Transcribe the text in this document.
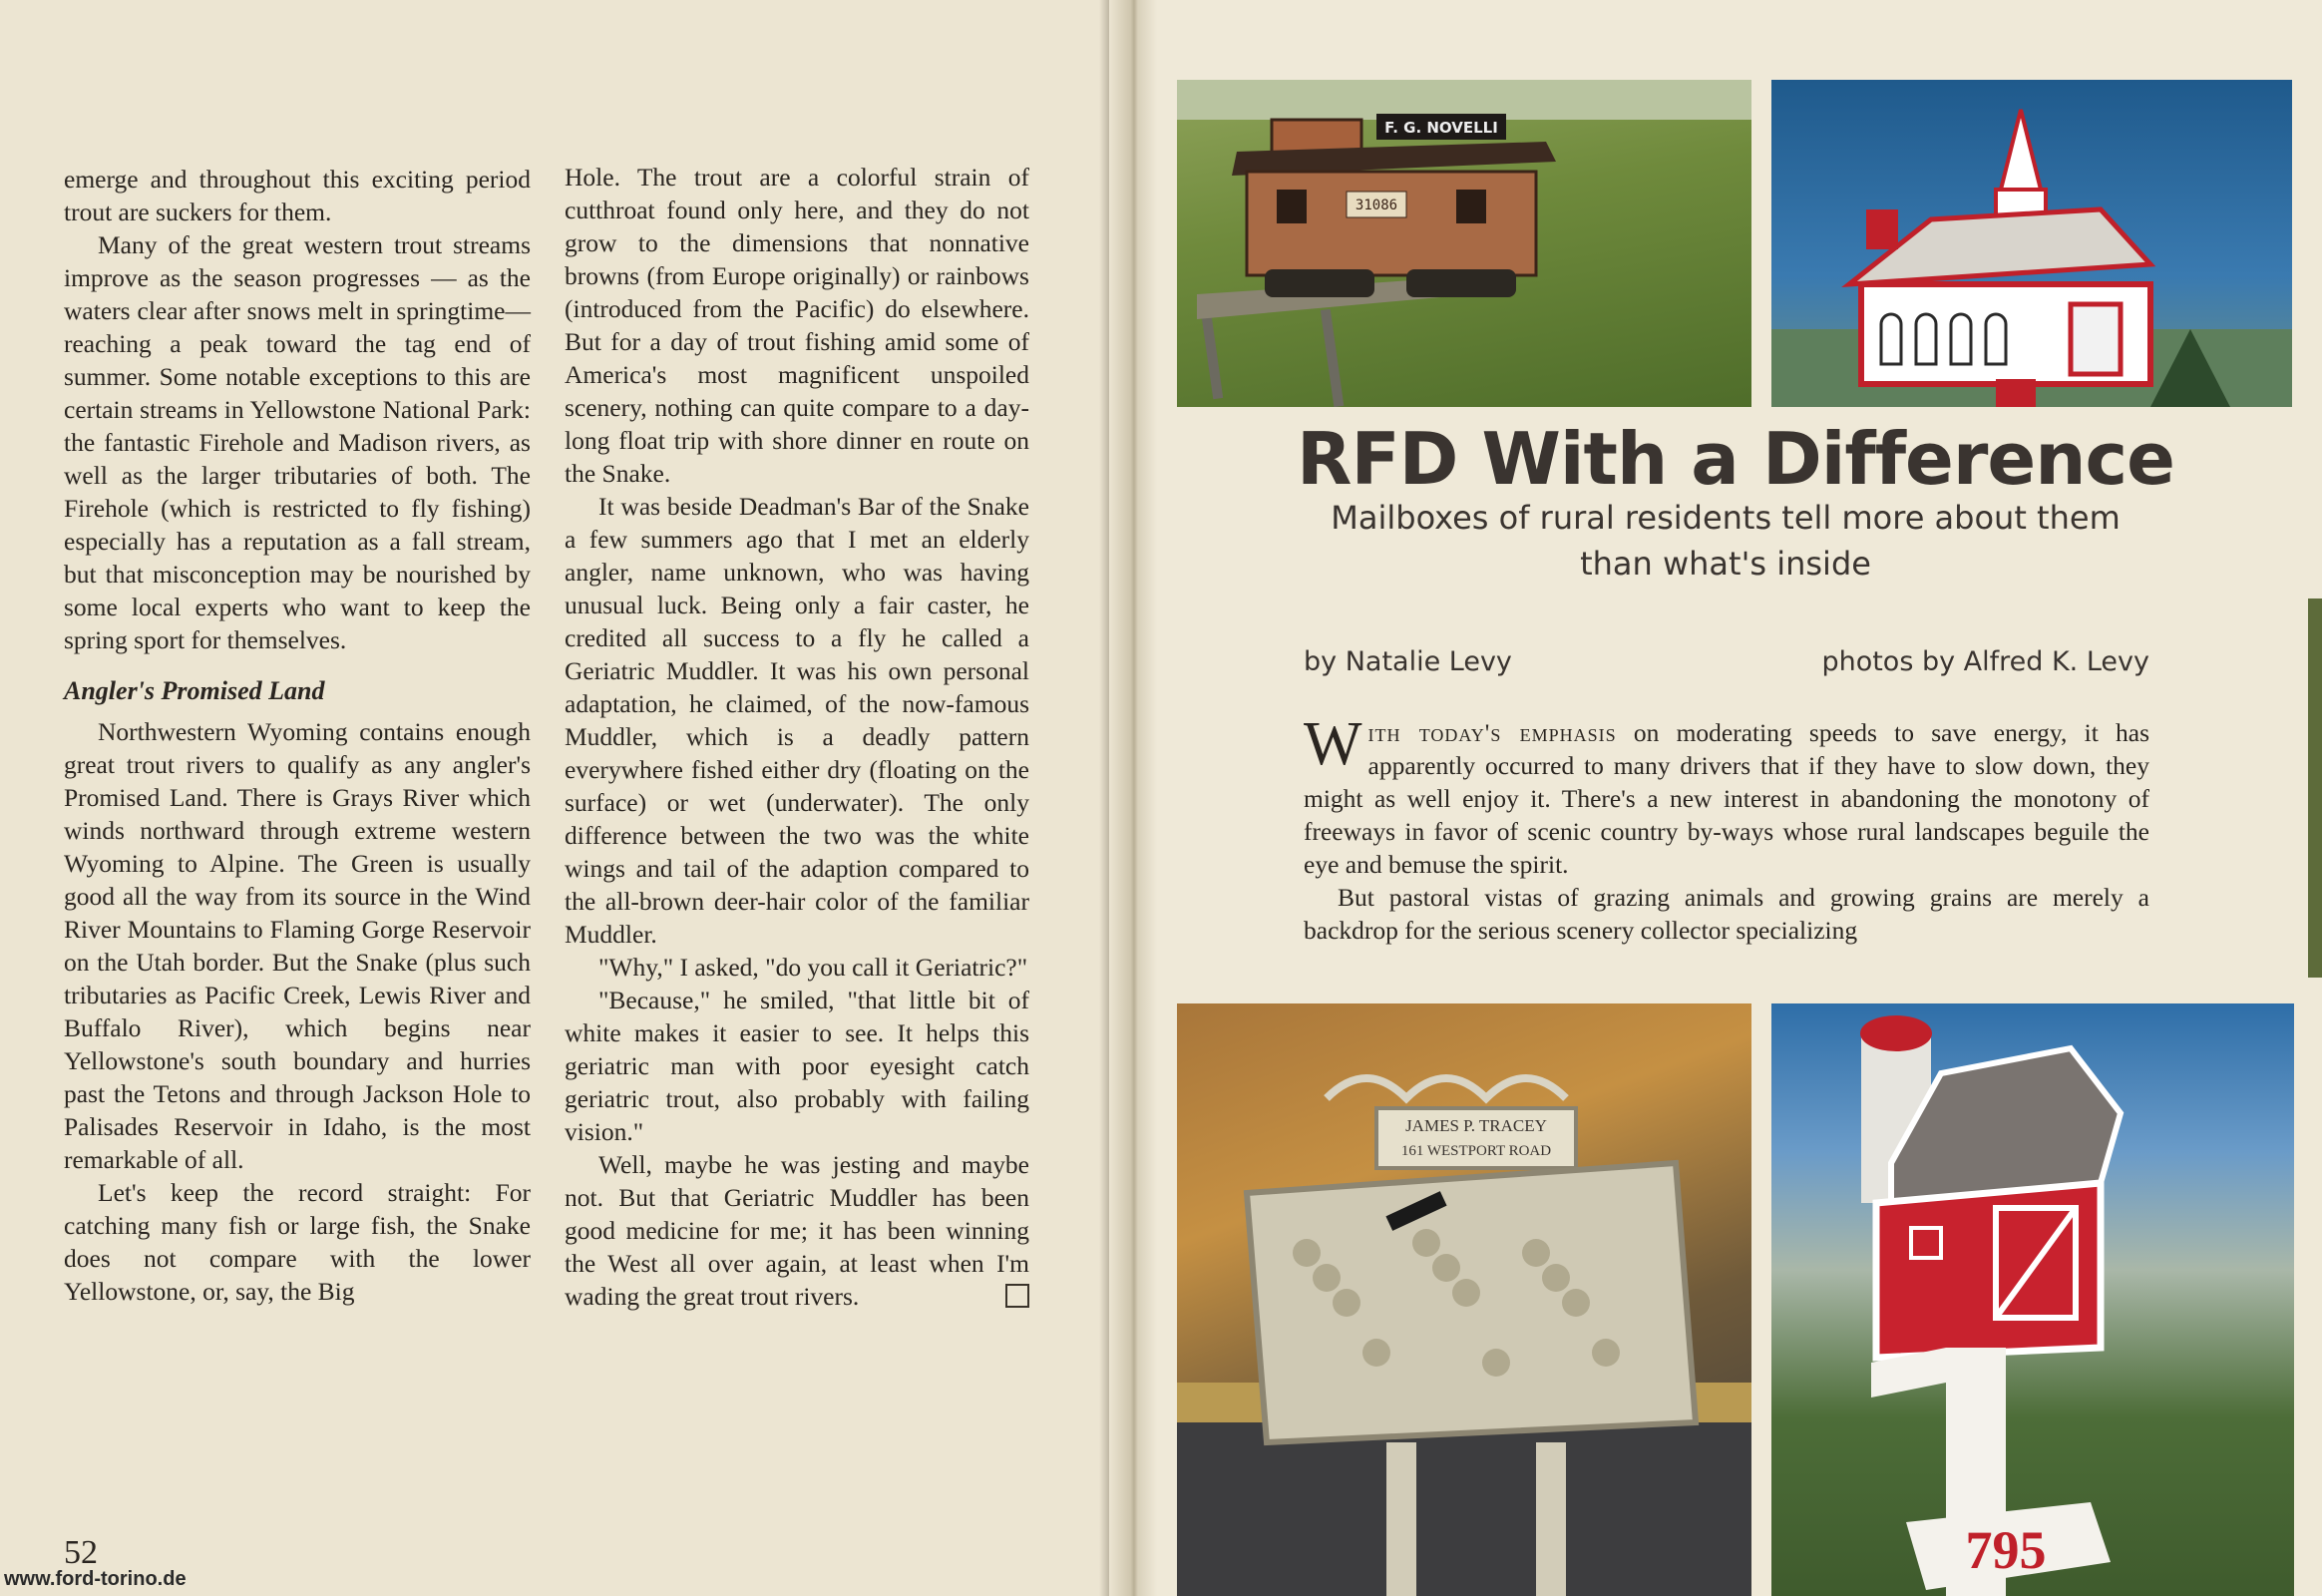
emerge and throughout this exciting period trout are suckers for them.

Many of the great western trout streams improve as the season progresses — as the waters clear after snows melt in springtime—reaching a peak toward the tag end of summer. Some notable exceptions to this are certain streams in Yellowstone National Park: the fantastic Firehole and Madison rivers, as well as the larger tributaries of both. The Firehole (which is restricted to fly fishing) especially has a reputation as a fall stream, but that misconception may be nourished by some local experts who want to keep the spring sport for themselves.

Angler's Promised Land

Northwestern Wyoming contains enough great trout rivers to qualify as any angler's Promised Land. There is Grays River which winds northward through extreme western Wyoming to Alpine. The Green is usually good all the way from its source in the Wind River Mountains to Flaming Gorge Reservoir on the Utah border. But the Snake (plus such tributaries as Pacific Creek, Lewis River and Buffalo River), which begins near Yellowstone's south boundary and hurries past the Tetons and through Jackson Hole to Palisades Reservoir in Idaho, is the most remarkable of all.

Let's keep the record straight: For catching many fish or large fish, the Snake does not compare with the lower Yellowstone, or, say, the Big

Hole. The trout are a colorful strain of cutthroat found only here, and they do not grow to the dimensions that nonnative browns (from Europe originally) or rainbows (introduced from the Pacific) do elsewhere. But for a day of trout fishing amid some of America's most magnificent unspoiled scenery, nothing can quite compare to a day-long float trip with shore dinner en route on the Snake.

It was beside Deadman's Bar of the Snake a few summers ago that I met an elderly angler, name unknown, who was having unusual luck. Being only a fair caster, he credited all success to a fly he called a Geriatric Muddler. It was his own personal adaptation, he claimed, of the now-famous Muddler, which is a deadly pattern everywhere fished either dry (floating on the surface) or wet (underwater). The only difference between the two was the white wings and tail of the adaption compared to the all-brown deer-hair color of the familiar Muddler.

"Why," I asked, "do you call it Geriatric?"

"Because," he smiled, "that little bit of white makes it easier to see. It helps this geriatric man with poor eyesight catch geriatric trout, also probably with failing vision."

Well, maybe he was jesting and maybe not. But that Geriatric Muddler has been good medicine for me; it has been winning the West all over again, at least when I'm wading the great trout rivers.

52
www.ford-torino.de
31086
F. G. NOVELLI
RFD With a Difference
Mailboxes of rural residents tell more about them than what's inside
by Natalie Levy	photos by Alfred K. Levy

With today's emphasis on moderating speeds to save energy, it has apparently occurred to many drivers that if they have to slow down, they might as well enjoy it. There's a new interest in abandoning the monotony of freeways in favor of scenic country by-ways whose rural landscapes beguile the eye and bemuse the spirit.

But pastoral vistas of grazing animals and growing grains are merely a backdrop for the serious scenery collector specializing

JAMES P. TRACEY
161 WESTPORT ROAD
795
